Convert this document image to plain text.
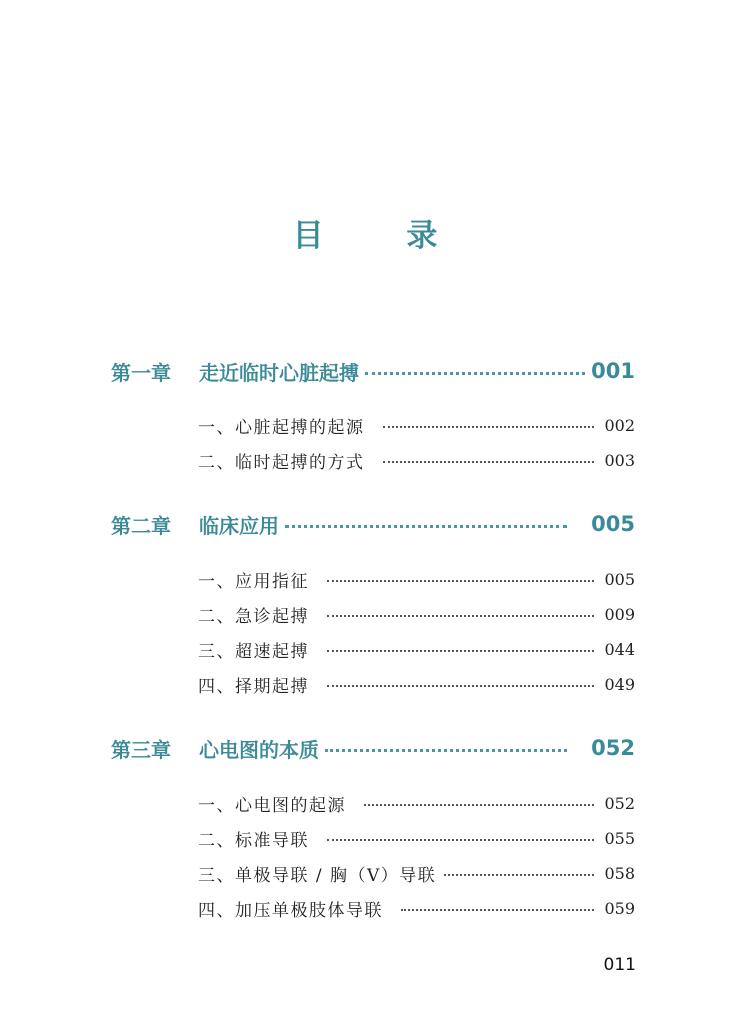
目 录
第一章	走近临时心脏起搏	001
一、心脏起搏的起源	002
二、临时起搏的方式	003
第二章	临床应用	005
一、应用指征	005
二、急诊起搏	009
三、超速起搏	044
四、择期起搏	049
第三章	心电图的本质	052
一、心电图的起源	052
二、标准导联	055
三、单极导联 / 胸（V）导联	058
四、加压单极肢体导联	059
011
